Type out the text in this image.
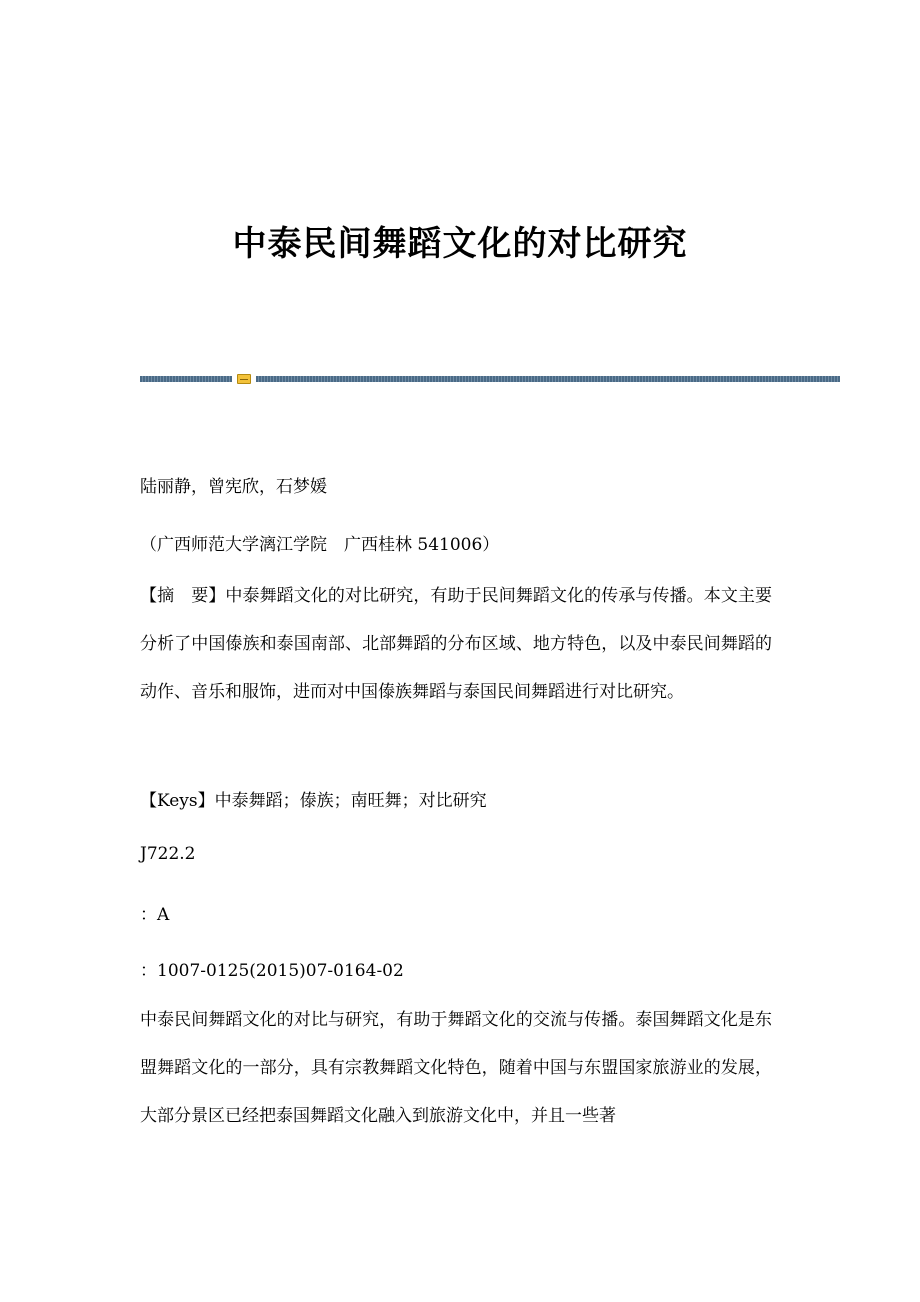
中泰民间舞蹈文化的对比研究

陆丽静，曾宪欣，石梦媛

（广西师范大学漓江学院　广西桂林 541006）

【摘　要】中泰舞蹈文化的对比研究，有助于民间舞蹈文化的传承与传播。本文主要分析了中国傣族和泰国南部、北部舞蹈的分布区域、地方特色，以及中泰民间舞蹈的动作、音乐和服饰，进而对中国傣族舞蹈与泰国民间舞蹈进行对比研究。

【Keys】中泰舞蹈；傣族；南旺舞；对比研究

J722.2

：A

：1007-0125(2015)07-0164-02

中泰民间舞蹈文化的对比与研究，有助于舞蹈文化的交流与传播。泰国舞蹈文化是东盟舞蹈文化的一部分，具有宗教舞蹈文化特色，随着中国与东盟国家旅游业的发展，大部分景区已经把泰国舞蹈文化融入到旅游文化中，并且一些著
